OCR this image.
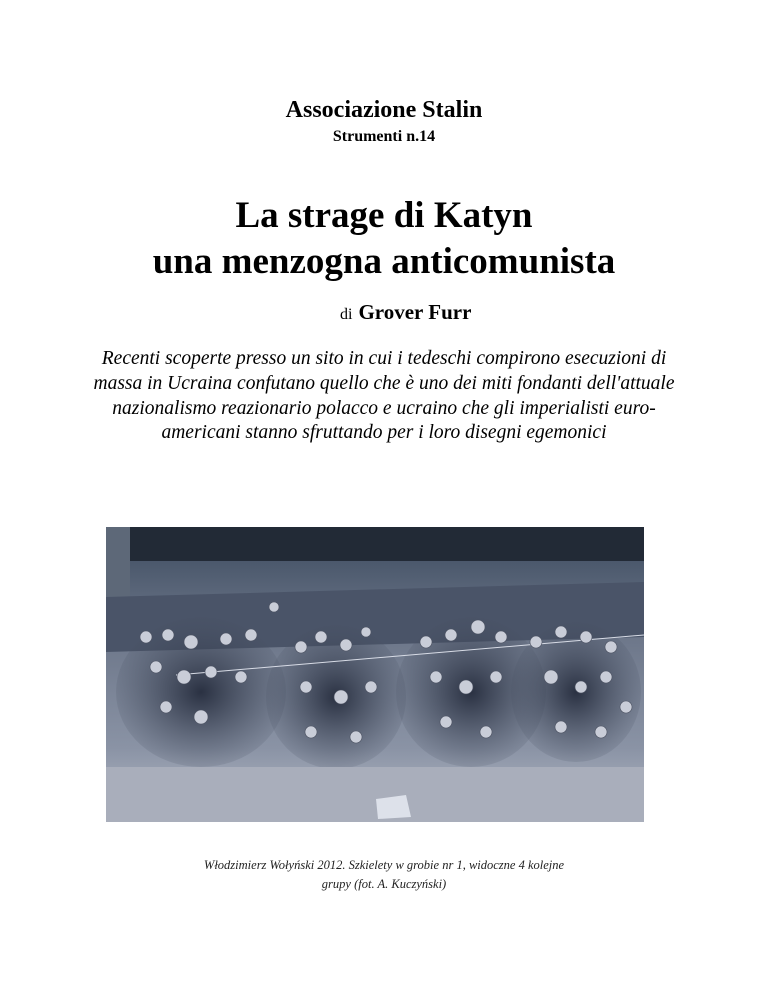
Associazione Stalin
Strumenti n.14
La strage di Katyn
una menzogna anticomunista
di Grover Furr
Recenti scoperte presso un sito in cui i tedeschi compirono esecuzioni di massa in Ucraina confutano quello che è uno dei miti fondanti dell'attuale nazionalismo reazionario polacco e ucraino che gli imperialisti euro-americani stanno sfruttando per i loro disegni egemonici
Włodzimierz Wołyński 2012. Szkielety w grobie nr 1, widoczne 4 kolejne
grupy (fot. A. Kuczyński)
